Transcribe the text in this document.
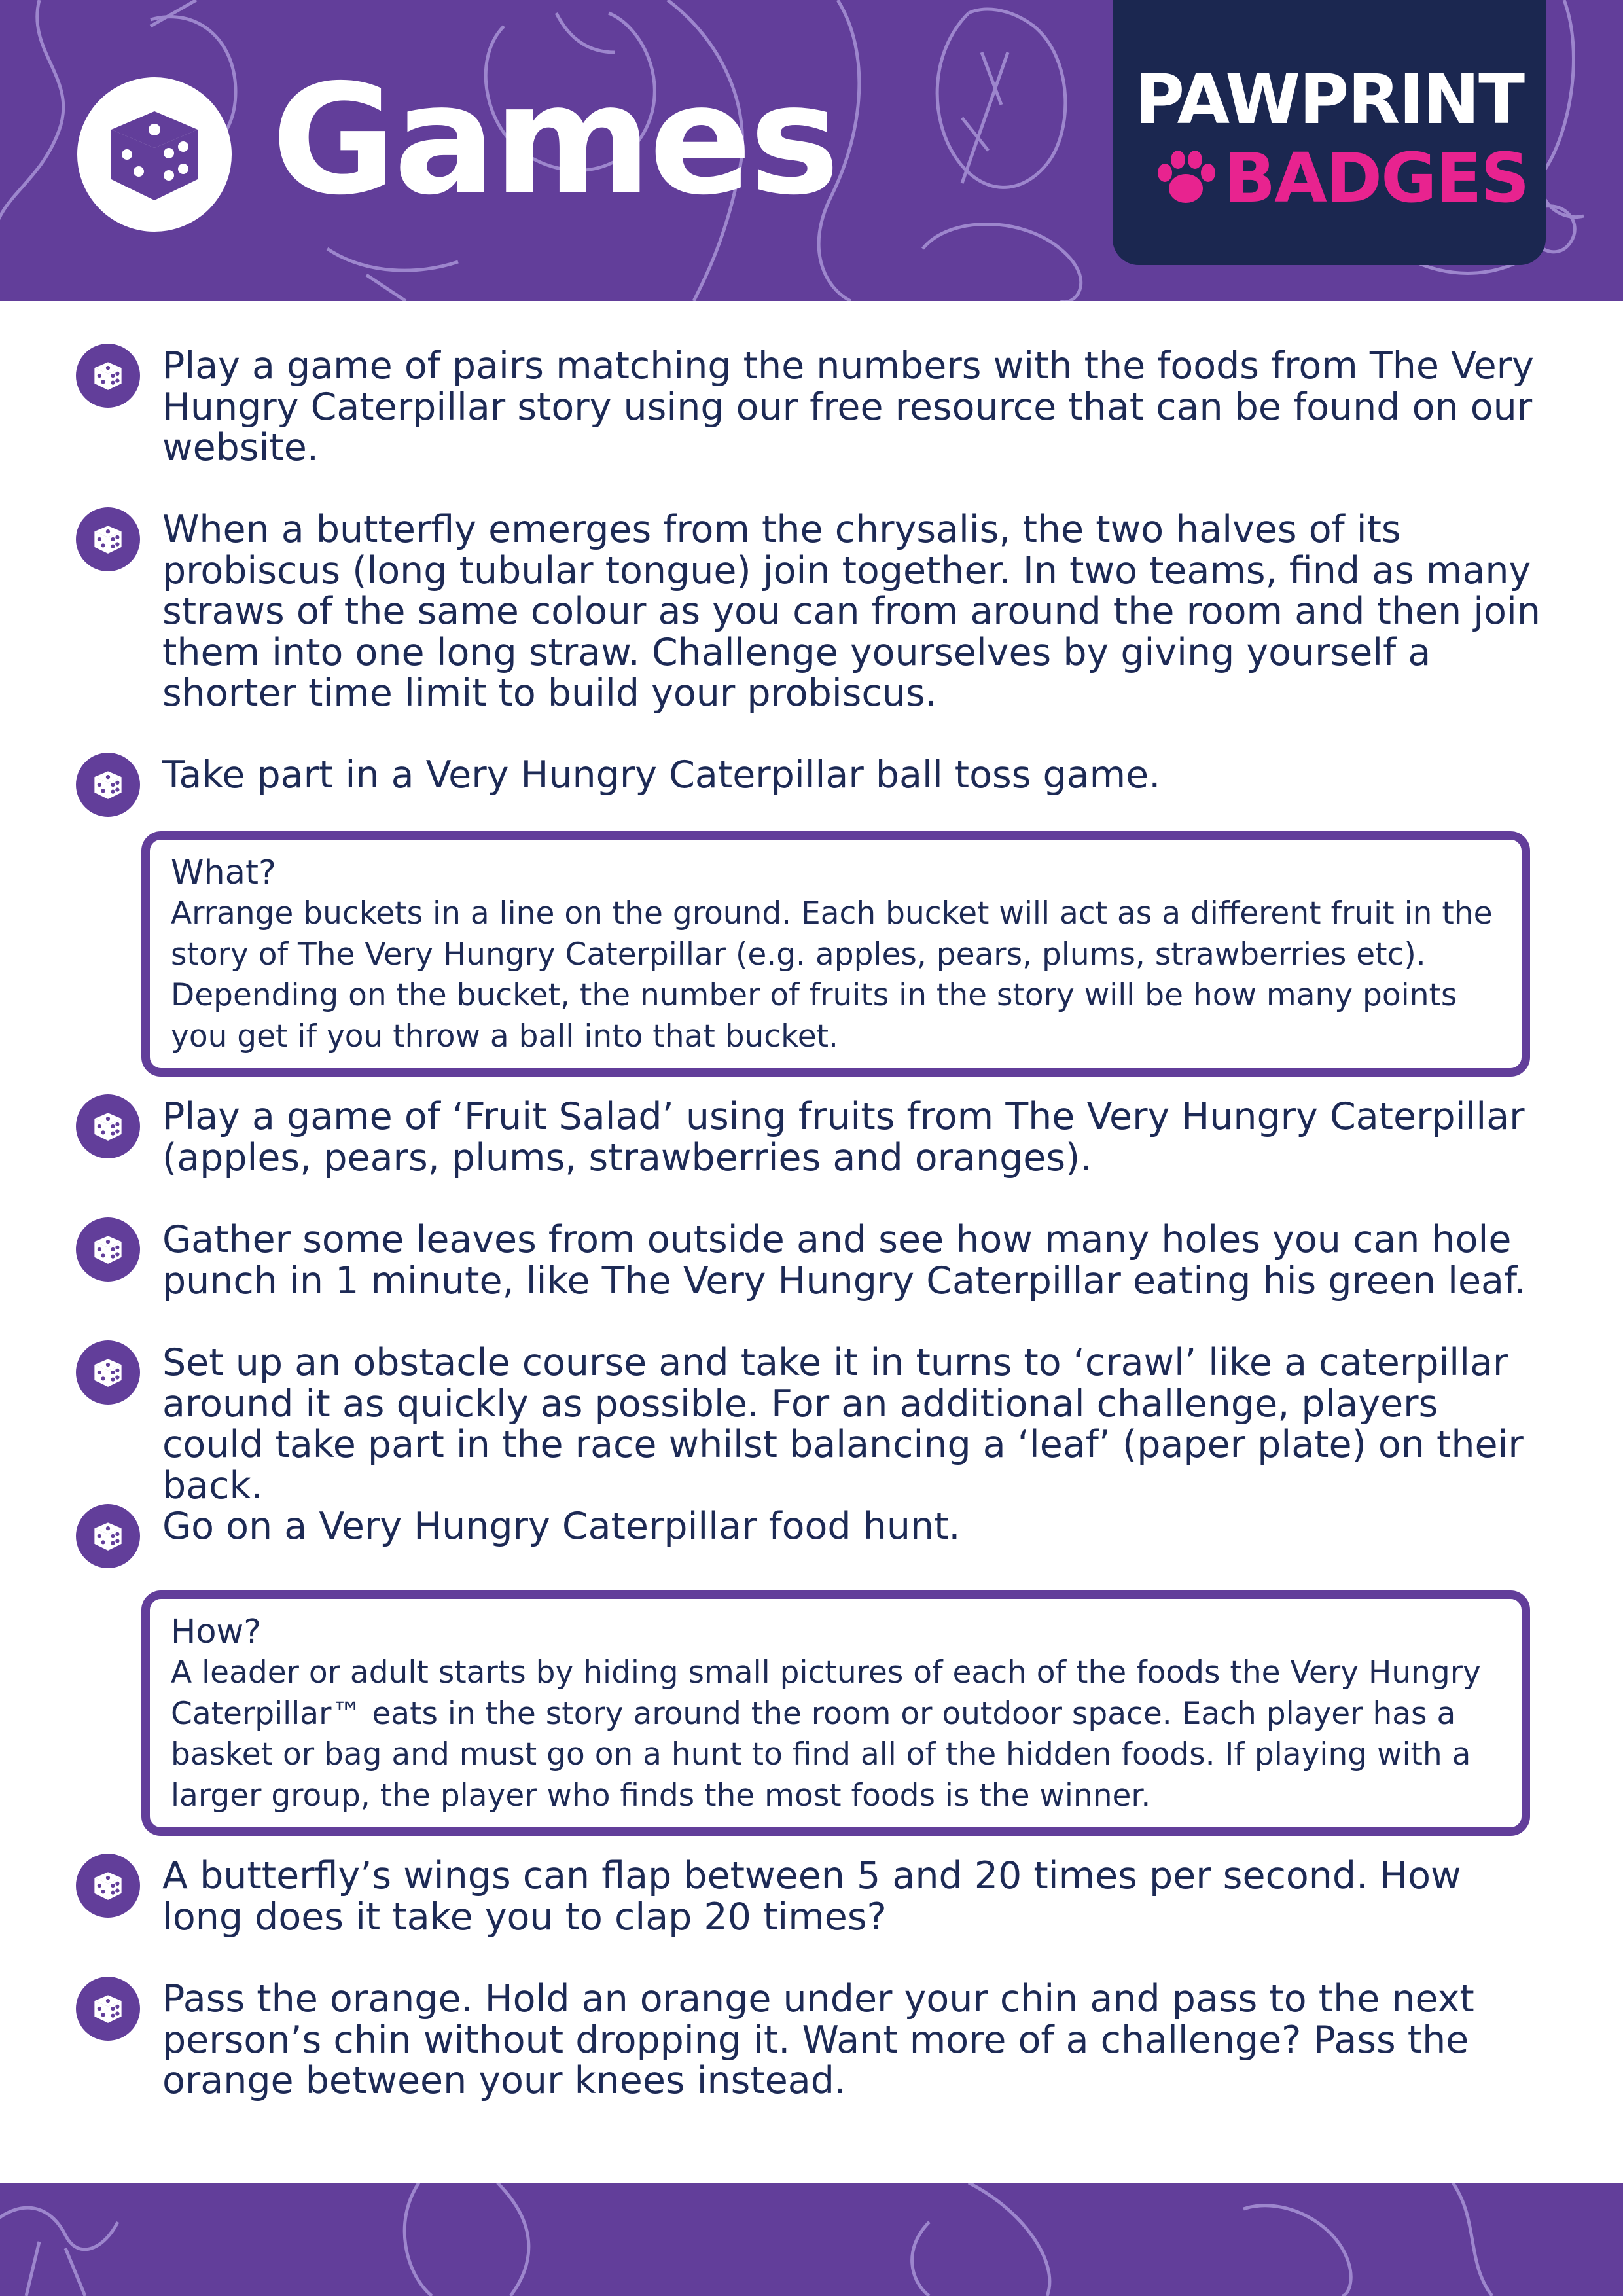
Games	PAWPRINT
BADGES
Play a game of pairs matching the numbers with the foods from The Very Hungry Caterpillar story using our free resource that can be found on our website.
When a butterfly emerges from the chrysalis, the two halves of its probiscus (long tubular tongue) join together. In two teams, find as many straws of the same colour as you can from around the room and then join them into one long straw. Challenge yourselves by giving yourself a shorter time limit to build your probiscus.
Take part in a Very Hungry Caterpillar ball toss game.
What?
Arrange buckets in a line on the ground. Each bucket will act as a different fruit in the story of The Very Hungry Caterpillar (e.g. apples, pears, plums, strawberries etc). Depending on the bucket, the number of fruits in the story will be how many points you get if you throw a ball into that bucket.
Play a game of ‘Fruit Salad’ using fruits from The Very Hungry Caterpillar (apples, pears, plums, strawberries and oranges).
Gather some leaves from outside and see how many holes you can hole punch in 1 minute, like The Very Hungry Caterpillar eating his green leaf.
Set up an obstacle course and take it in turns to ‘crawl’ like a caterpillar around it as quickly as possible. For an additional challenge, players could take part in the race whilst balancing a ‘leaf’ (paper plate) on their back.
Go on a Very Hungry Caterpillar food hunt.
How?
A leader or adult starts by hiding small pictures of each of the foods the Very Hungry Caterpillar™ eats in the story around the room or outdoor space. Each player has a basket or bag and must go on a hunt to find all of the hidden foods. If playing with a larger group, the player who finds the most foods is the winner.
A butterfly’s wings can flap between 5 and 20 times per second. How long does it take you to clap 20 times?
Pass the orange. Hold an orange under your chin and pass to the next person’s chin without dropping it. Want more of a challenge? Pass the orange between your knees instead.
